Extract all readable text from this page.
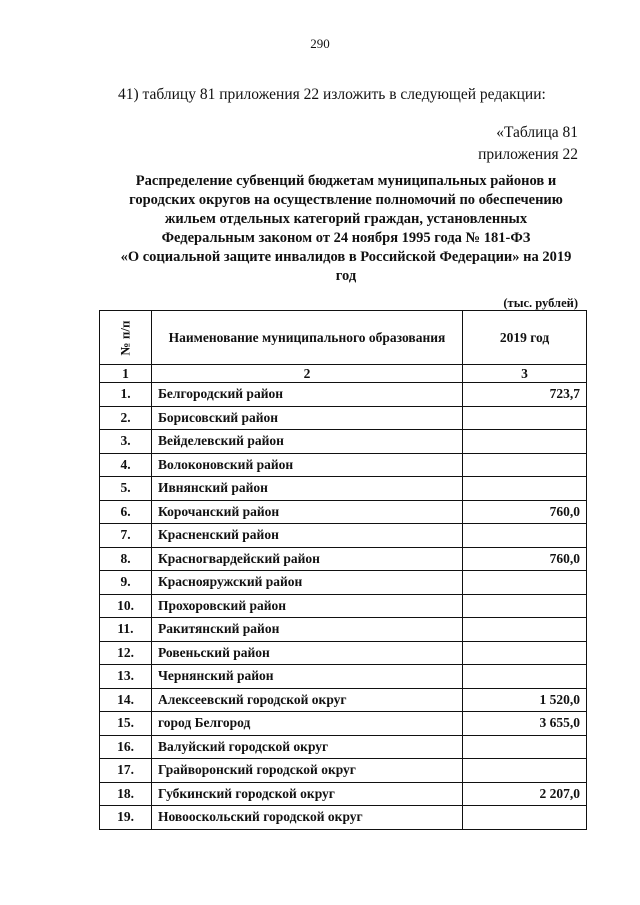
290
41) таблицу 81 приложения 22 изложить в следующей редакции:
«Таблица 81
приложения 22
Распределение субвенций бюджетам муниципальных районов и
городских округов на осуществление полномочий по обеспечению
жильем отдельных категорий граждан, установленных
Федеральным законом от 24 ноября 1995 года № 181-ФЗ
«О социальной защите инвалидов в Российской Федерации» на 2019
год
(тыс. рублей)
№ п/п	Наименование муниципального образования	2019 год
1	2	3
1.	Белгородский район	723,7
2.	Борисовский район	
3.	Вейделевский район	
4.	Волоконовский район	
5.	Ивнянский район	
6.	Корочанский район	760,0
7.	Красненский район	
8.	Красногвардейский район	760,0
9.	Краснояружский район	
10.	Прохоровский район	
11.	Ракитянский район	
12.	Ровеньский район	
13.	Чернянский район	
14.	Алексеевский городской округ	1 520,0
15.	город Белгород	3 655,0
16.	Валуйский городской округ	
17.	Грайворонский городской округ	
18.	Губкинский городской округ	2 207,0
19.	Новооскольский городской округ	
